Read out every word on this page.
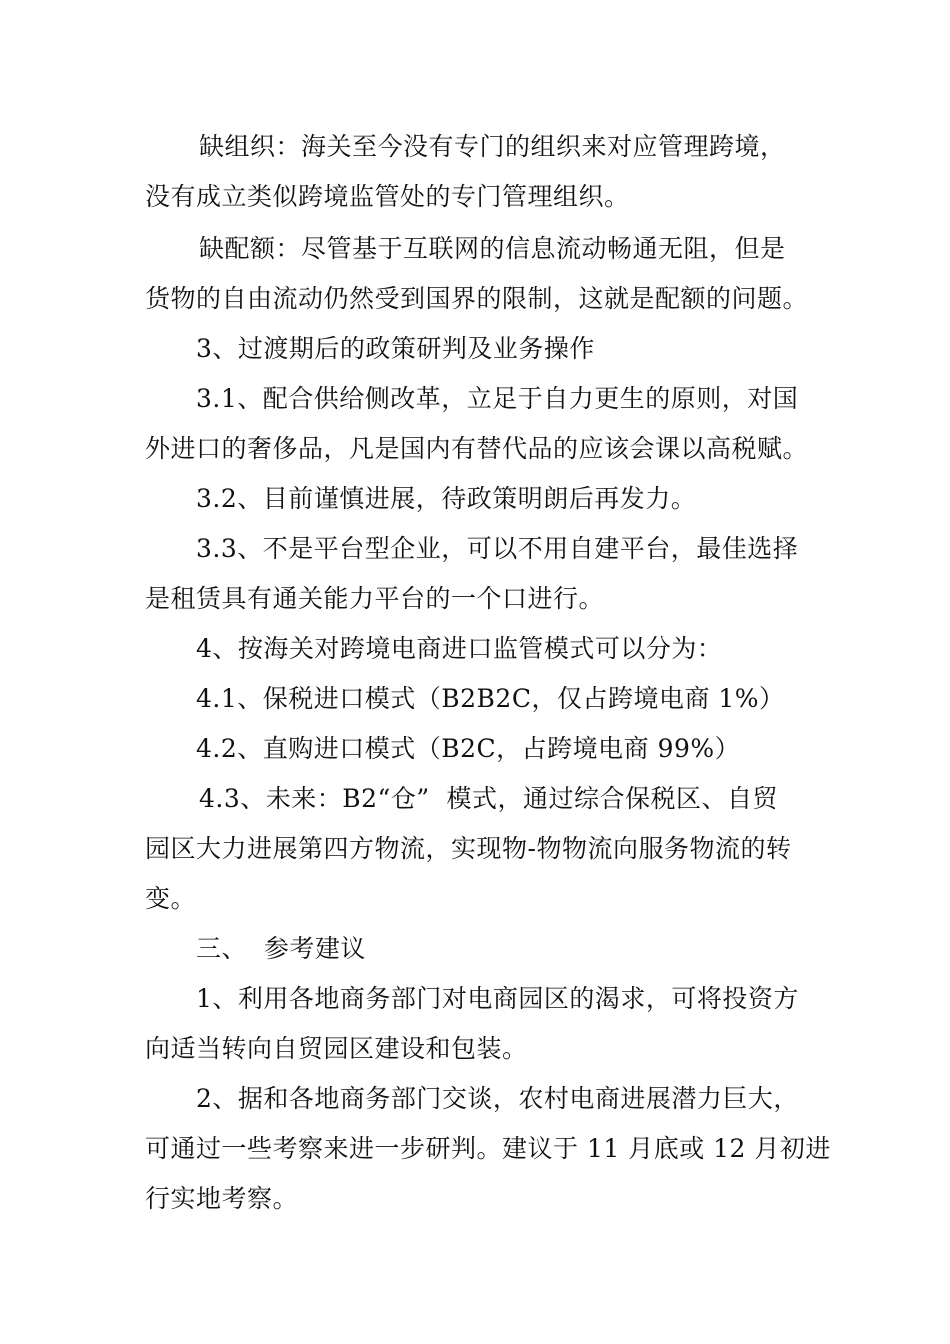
缺组织：海关至今没有专门的组织来对应管理跨境，
没有成立类似跨境监管处的专门管理组织。
缺配额：尽管基于互联网的信息流动畅通无阻，但是
货物的自由流动仍然受到国界的限制，这就是配额的问题。
3、过渡期后的政策研判及业务操作
3.1、配合供给侧改革，立足于自力更生的原则，对国
外进口的奢侈品，凡是国内有替代品的应该会课以高税赋。
3.2、目前谨慎进展，待政策明朗后再发力。
3.3、不是平台型企业，可以不用自建平台，最佳选择
是租赁具有通关能力平台的一个口进行。
4、按海关对跨境电商进口监管模式可以分为：
4.1、保税进口模式（B2B2C，仅占跨境电商 1%）
4.2、直购进口模式（B2C，占跨境电商 99%）
4.3、未来：B2“仓”  模式，通过综合保税区、自贸
园区大力进展第四方物流，实现物-物物流向服务物流的转
变。
三、  参考建议
1、利用各地商务部门对电商园区的渴求，可将投资方
向适当转向自贸园区建设和包装。
2、据和各地商务部门交谈，农村电商进展潜力巨大，
可通过一些考察来进一步研判。建议于 11 月底或 12 月初进
行实地考察。
